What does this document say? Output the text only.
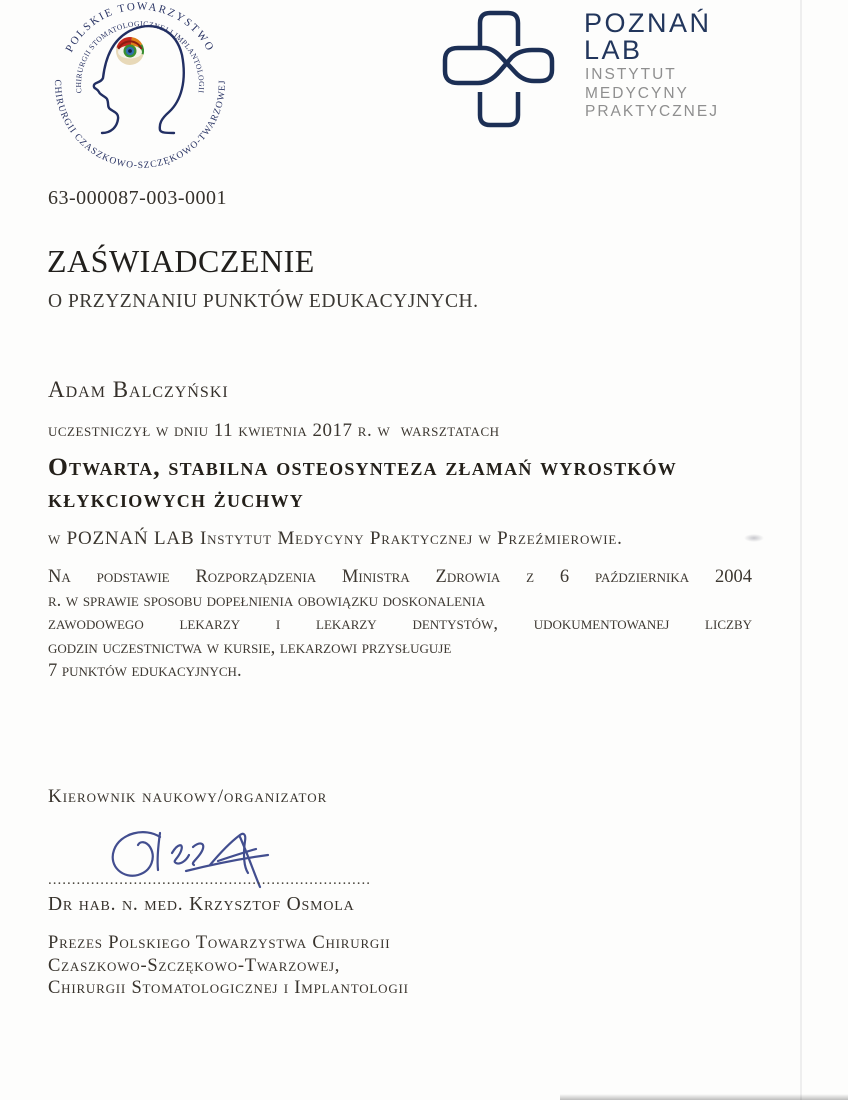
POLSKIE TOWARZYSTWO
CHIRURGII STOMATOLOGICZNEJ I IMPLANTOLOGII
CHIRURGII CZASZKOWO-SZCZĘKOWO-TWARZOWEJ
POZNAŃ
LAB
INSTYTUT
MEDYCYNY
PRAKTYCZNEJ
63-000087-003-0001
ZAŚWIADCZENIE
O PRZYZNANIU PUNKTÓW EDUKACYJNYCH.
Adam Balczyński
uczestniczył w dniu 11 kwietnia 2017 r. w  warsztatach
Otwarta, stabilna osteosynteza złamań wyrostków
kłykciowych żuchwy
w POZNAŃ LAB Instytut Medycyny Praktycznej w Przeźmierowie.
Na podstawie Rozporządzenia Ministra Zdrowia z 6 października 2004
r. w sprawie sposobu dopełnienia obowiązku doskonalenia
zawodowego lekarzy i lekarzy dentystów, udokumentowanej liczby
godzin uczestnictwa w kursie, lekarzowi przysługuje
7 punktów edukacyjnych.
Kierownik naukowy/organizator
....................................................................
Dr hab. n. med. Krzysztof Osmola
Prezes Polskiego Towarzystwa Chirurgii
Czaszkowo-Szczękowo-Twarzowej,
Chirurgii Stomatologicznej i Implantologii
